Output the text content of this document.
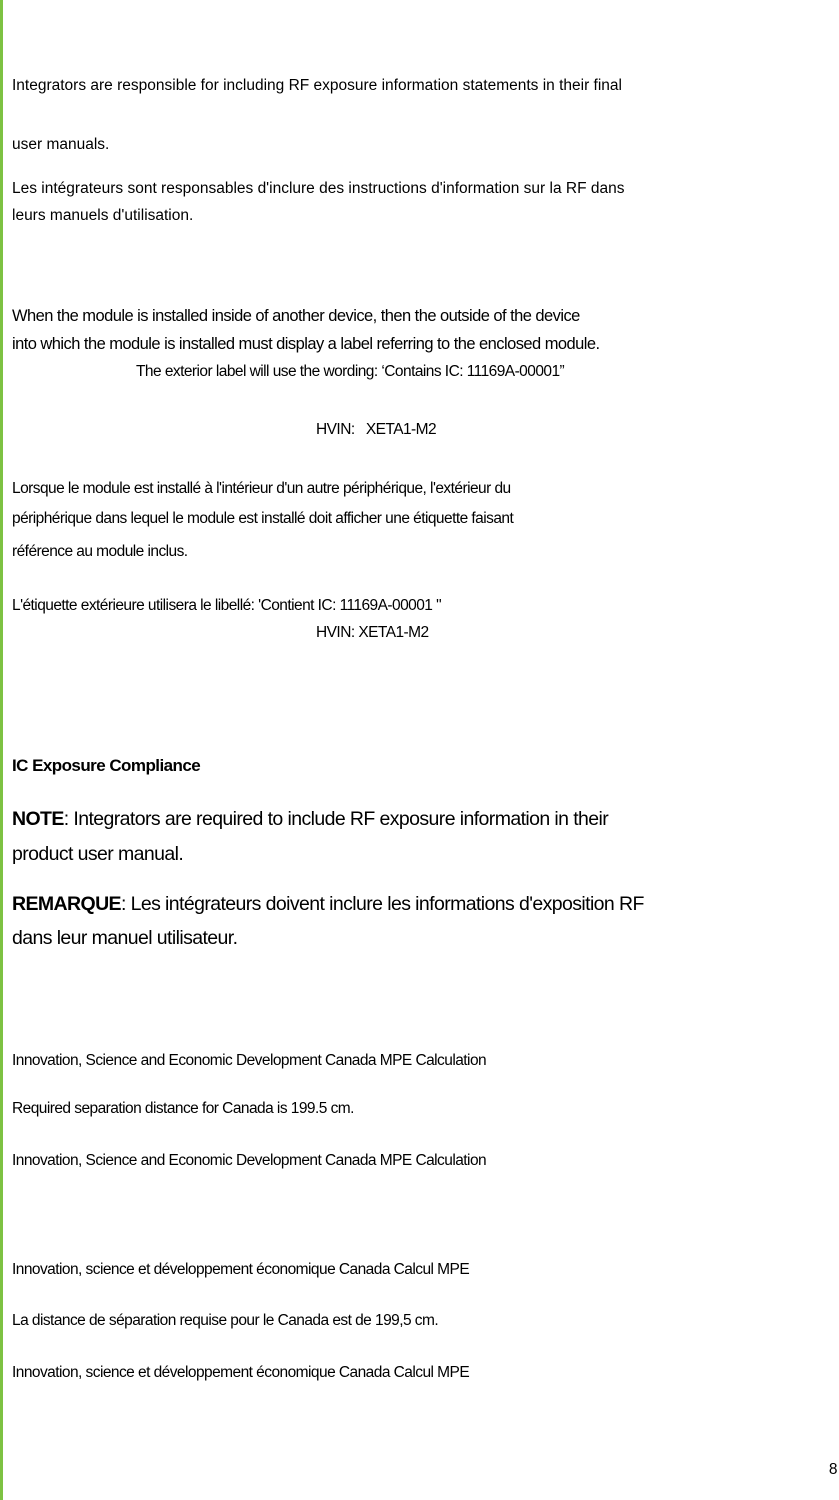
Integrators are responsible for including RF exposure information statements in their final
user manuals.
Les intégrateurs sont responsables d'inclure des instructions d'information sur la RF dans
leurs manuels d'utilisation.
When the module is installed inside of another device, then the outside of the device
into which the module is installed must display a label referring to the enclosed module.
The exterior label will use the wording: ‘Contains IC: 11169A-00001”
HVIN:   XETA1-M2
Lorsque le module est installé à l'intérieur d'un autre périphérique, l'extérieur du
périphérique dans lequel le module est installé doit afficher une étiquette faisant
référence au module inclus.
L'étiquette extérieure utilisera le libellé: 'Contient IC: 11169A-00001 "
HVIN: XETA1-M2
IC Exposure Compliance
NOTE: Integrators are required to include RF exposure information in their
product user manual.
REMARQUE: Les intégrateurs doivent inclure les informations d'exposition RF
dans leur manuel utilisateur.
Innovation, Science and Economic Development Canada MPE Calculation
Required separation distance for Canada is 199.5 cm.
Innovation, Science and Economic Development Canada MPE Calculation
Innovation, science et développement économique Canada Calcul MPE
La distance de séparation requise pour le Canada est de 199,5 cm.
Innovation, science et développement économique Canada Calcul MPE
8
